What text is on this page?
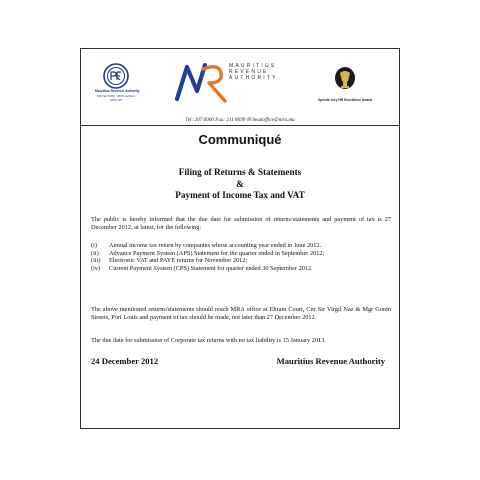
Mauritius Revenue Authority
MS ISO 9001 :2008 certified
QMS 123
MAURITIUS
REVENUE
AUTHORITY
Special Jury HR Excellence Award
Tel: 207 6000 Fax: 211 8099 ✉ headoffice@mra.mu
Communiqué
Filing of Returns & Statements
&
Payment of Income Tax and VAT
The public is hereby informed that the due date for submission of returns/statements and payment of tax is 27 December 2012, at latest, for the following:
(i)	Annual income tax return by companies whose accounting year ended in June 2012.
(ii)	Advance Payment System (APS) Statement for the quarter ended in September 2012;
(iii)	Electronic VAT and PAYE returns for November 2012;
(iv)	Current Payment System (CPS) Statement for quarter ended 30 September 2012.
The above mentioned returns/statements should reach MRA office at Ehram Court, Cnr Sir Virgil Naz & Mgr Gonin Streets, Port Louis and payment of tax should be made, not later than 27 December 2012.
The due date for submission of Corporate tax returns with no tax liability is 15 January 2013.
24 December 2012	Mauritius Revenue Authority
